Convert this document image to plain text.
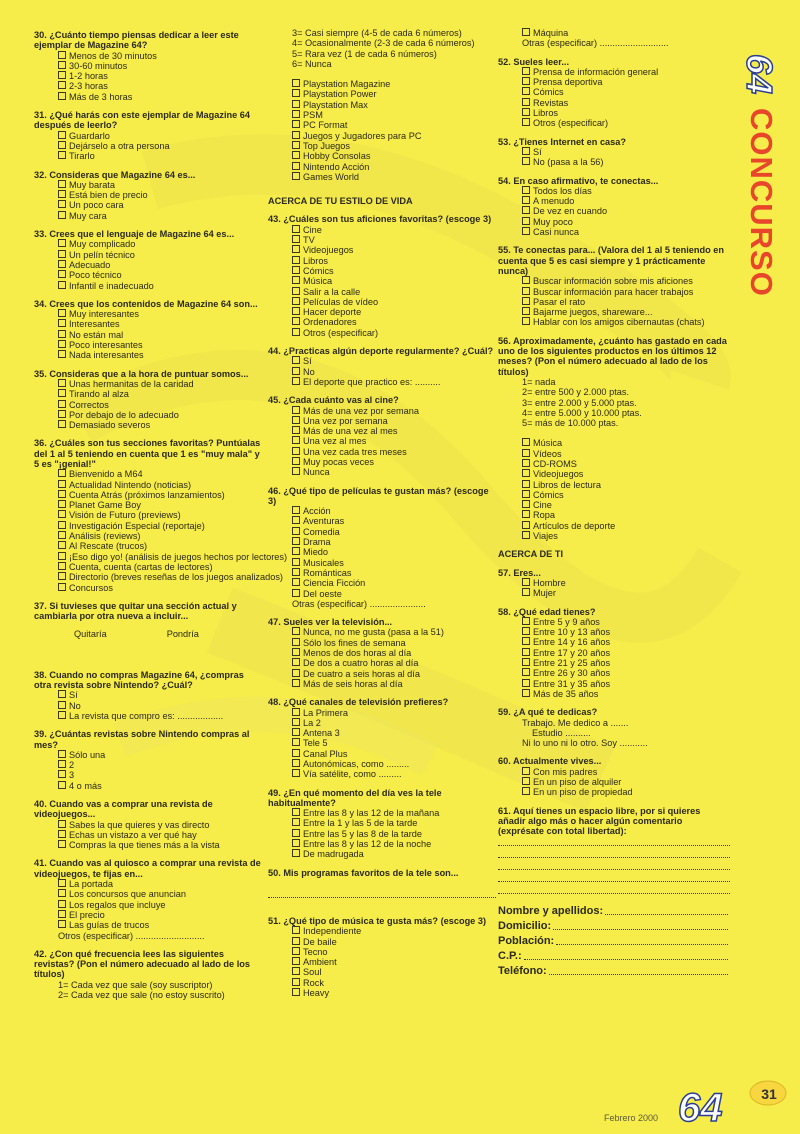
64
CONCURSO
30. ¿Cuánto tiempo piensas dedicar a leer este ejemplar de Magazine 64?
Menos de 30 minutos
30-60 minutos
1-2 horas
2-3 horas
Más de 3 horas
31. ¿Qué harás con este ejemplar de Magazine 64 después de leerlo?
Guardarlo
Dejárselo a otra persona
Tirarlo
32. Consideras que Magazine 64 es...
Muy barata
Está bien de precio
Un poco cara
Muy cara
33. Crees que el lenguaje de Magazine 64 es...
Muy complicado
Un pelín técnico
Adecuado
Poco técnico
Infantil e inadecuado
34. Crees que los contenidos de Magazine 64 son...
Muy interesantes
Interesantes
No están mal
Poco interesantes
Nada interesantes
35. Consideras que a la hora de puntuar somos...
Unas hermanitas de la caridad
Tirando al alza
Correctos
Por debajo de lo adecuado
Demasiado severos
36. ¿Cuáles son tus secciones favoritas? Puntúalas del 1 al 5 teniendo en cuenta que 1 es "muy mala" y 5 es "¡genial!"
Bienvenido a M64
Actualidad Nintendo (noticias)
Cuenta Atrás (próximos lanzamientos)
Planet Game Boy
Visión de Futuro (previews)
Investigación Especial (reportaje)
Análisis (reviews)
Al Rescate (trucos)
¡Eso digo yo! (análisis de juegos hechos por lectores)
Cuenta, cuenta (cartas de lectores)
Directorio (breves reseñas de los juegos analizados)
Concursos
37. Si tuvieses que quitar una sección actual y cambiarla por otra nueva a incluir...
Quitaría	Pondría
38. Cuando no compras Magazine 64, ¿compras otra revista sobre Nintendo? ¿Cuál?
Sí
No
La revista que compro es: ..................
39. ¿Cuántas revistas sobre Nintendo compras al mes?
Sólo una
2
3
4 o más
40. Cuando vas a comprar una revista de videojuegos...
Sabes la que quieres y vas directo
Echas un vistazo a ver qué hay
Compras la que tienes más a la vista
41. Cuando vas al quiosco a comprar una revista de videojuegos, te fijas en...
La portada
Los concursos que anuncian
Los regalos que incluye
El precio
Las guías de trucos
Otros (especificar) ...........................
42. ¿Con qué frecuencia lees las siguientes revistas? (Pon el número adecuado al lado de los títulos)
1= Cada vez que sale (soy suscriptor)
2= Cada vez que sale (no estoy suscrito)
3= Casi siempre (4-5 de cada 6 números)
4= Ocasionalmente (2-3 de cada 6 números)
5= Rara vez (1 de cada 6 números)
6= Nunca
Playstation Magazine
Playstation Power
Playstation Max
PSM
PC Format
Juegos y Jugadores para PC
Top Juegos
Hobby Consolas
Nintendo Acción
Games World
ACERCA DE TU ESTILO DE VIDA
43. ¿Cuáles son tus aficiones favoritas? (escoge 3)
Cine
TV
Videojuegos
Libros
Cómics
Música
Salir a la calle
Películas de vídeo
Hacer deporte
Ordenadores
Otros (especificar)
44. ¿Practicas algún deporte regularmente? ¿Cuál?
Sí
No
El deporte que practico es: ..........
45. ¿Cada cuánto vas al cine?
Más de una vez por semana
Una vez por semana
Más de una vez al mes
Una vez al mes
Una vez cada tres meses
Muy pocas veces
Nunca
46. ¿Qué tipo de películas te gustan más? (escoge 3)
Acción
Aventuras
Comedia
Drama
Miedo
Musicales
Románticas
Ciencia Ficción
Del oeste
Otras (especificar) ......................
47. Sueles ver la televisión...
Nunca, no me gusta (pasa a la 51)
Sólo los fines de semana
Menos de dos horas al día
De dos a cuatro horas al día
De cuatro a seis horas al día
Más de seis horas al día
48. ¿Qué canales de televisión prefieres?
La Primera
La 2
Antena 3
Tele 5
Canal Plus
Autonómicas, como .........
Vía satélite, como .........
49. ¿En qué momento del día ves la tele habitualmente?
Entre las 8 y las 12 de la mañana
Entre la 1 y las 5 de la tarde
Entre las 5 y las 8 de la tarde
Entre las 8 y las 12 de la noche
De madrugada
50. Mis programas favoritos de la tele son...
51. ¿Qué tipo de música te gusta más? (escoge 3)
Independiente
De baile
Tecno
Ambient
Soul
Rock
Heavy
Máquina
Otras (especificar) ...........................
52. Sueles leer...
Prensa de información general
Prensa deportiva
Cómics
Revistas
Libros
Otros (especificar)
53. ¿Tienes Internet en casa?
Sí
No (pasa a la 56)
54. En caso afirmativo, te conectas...
Todos los días
A menudo
De vez en cuando
Muy poco
Casi nunca
55. Te conectas para... (Valora del 1 al 5 teniendo en cuenta que 5 es casi siempre y 1 prácticamente nunca)
Buscar información sobre mis aficiones
Buscar información para hacer trabajos
Pasar el rato
Bajarme juegos, shareware...
Hablar con los amigos cibernautas (chats)
56. Aproximadamente, ¿cuánto has gastado en cada uno de los siguientes productos en los últimos 12 meses? (Pon el número adecuado al lado de los títulos)
1= nada
2= entre 500 y 2.000 ptas.
3= entre 2.000 y 5.000 ptas.
4= entre 5.000 y 10.000 ptas.
5= más de 10.000 ptas.
Música
Vídeos
CD-ROMS
Videojuegos
Libros de lectura
Cómics
Cine
Ropa
Artículos de deporte
Viajes
ACERCA DE TI
57. Eres...
Hombre
Mujer
58. ¿Qué edad tienes?
Entre 5 y 9 años
Entre 10 y 13 años
Entre 14 y 16 años
Entre 17 y 20 años
Entre 21 y 25 años
Entre 26 y 30 años
Entre 31 y 35 años
Más de 35 años
59. ¿A qué te dedicas?
Trabajo. Me dedico a .......
Estudio ..........
Ni lo uno ni lo otro. Soy ...........
60. Actualmente vives...
Con mis padres
En un piso de alquiler
En un piso de propiedad
61. Aquí tienes un espacio libre, por si quieres añadir algo más o hacer algún comentario (exprésate con total libertad):
Nombre y apellidos:
Domicilio:
Población:
C.P.:
Teléfono:
Febrero 2000 64	31
